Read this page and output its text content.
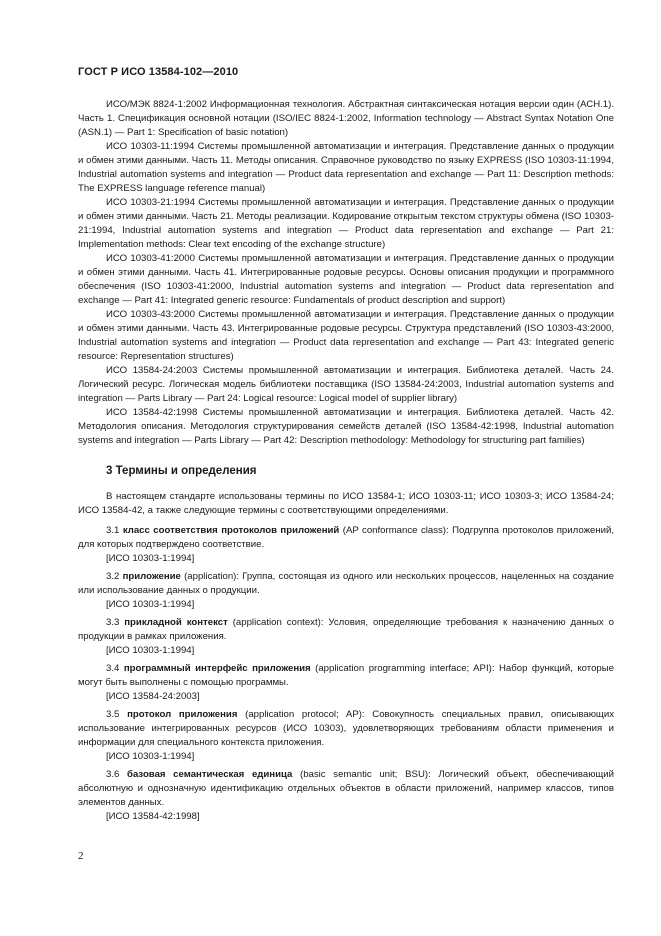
ГОСТ Р ИСО 13584-102—2010

ИСО/МЭК 8824-1:2002 Информационная технология. Абстрактная синтаксическая нотация версии один (АСН.1). Часть 1. Спецификация основной нотации (ISO/IEC 8824-1:2002, Information technology — Abstract Syntax Notation One (ASN.1) — Part 1: Specification of basic notation)

ИСО 10303-11:1994 Системы промышленной автоматизации и интеграция. Представление данных о продукции и обмен этими данными. Часть 11. Методы описания. Справочное руководство по языку EXPRESS (ISO 10303-11:1994, Industrial automation systems and integration — Product data representation and exchange — Part 11: Description methods: The EXPRESS language reference manual)

ИСО 10303-21:1994 Системы промышленной автоматизации и интеграция. Представление данных о продукции и обмен этими данными. Часть 21. Методы реализации. Кодирование открытым текстом структуры обмена (ISO 10303-21:1994, Industrial automation systems and integration — Product data representation and exchange — Part 21: Implementation methods: Clear text encoding of the exchange structure)

ИСО 10303-41:2000 Системы промышленной автоматизации и интеграция. Представление данных о продукции и обмен этими данными. Часть 41. Интегрированные родовые ресурсы. Основы описания продукции и программного обеспечения (ISO 10303-41:2000, Industrial automation systems and integration — Product data representation and exchange — Part 41: Integrated generic resource: Fundamentals of product description and support)

ИСО 10303-43:2000 Системы промышленной автоматизации и интеграция. Представление данных о продукции и обмен этими данными. Часть 43. Интегрированные родовые ресурсы. Структура представлений (ISO 10303-43:2000, Industrial automation systems and integration — Product data representation and exchange — Part 43: Integrated generic resource: Representation structures)

ИСО 13584-24:2003 Системы промышленной автоматизации и интеграция. Библиотека деталей. Часть 24. Логический ресурс. Логическая модель библиотеки поставщика (ISO 13584-24:2003, Industrial automation systems and integration — Parts Library — Part 24: Logical resource: Logical model of supplier library)

ИСО 13584-42:1998 Системы промышленной автоматизации и интеграция. Библиотека деталей. Часть 42. Методология описания. Методология структурирования семейств деталей (ISO 13584-42:1998, Industrial automation systems and integration — Parts Library — Part 42: Description methodology: Methodology for structuring part families)

3 Термины и определения

В настоящем стандарте использованы термины по ИСО 13584-1; ИСО 10303-11; ИСО 10303-3; ИСО 13584-24; ИСО 13584-42, а также следующие термины с соответствующими определениями.

3.1 класс соответствия протоколов приложений (AP conformance class): Подгруппа протоколов приложений, для которых подтверждено соответствие.

[ИСО 10303-1:1994]

3.2 приложение (application): Группа, состоящая из одного или нескольких процессов, нацеленных на создание или использование данных о продукции.

[ИСО 10303-1:1994]

3.3 прикладной контекст (application context): Условия, определяющие требования к назначению данных о продукции в рамках приложения.

[ИСО 10303-1:1994]

3.4 программный интерфейс приложения (application programming interface; API): Набор функций, которые могут быть выполнены с помощью программы.

[ИСО 13584-24:2003]

3.5 протокол приложения (application protocol; AP): Совокупность специальных правил, описывающих использование интегрированных ресурсов (ИСО 10303), удовлетворяющих требованиям области применения и информации для специального контекста приложения.

[ИСО 10303-1:1994]

3.6 базовая семантическая единица (basic semantic unit; BSU): Логический объект, обеспечивающий абсолютную и однозначную идентификацию отдельных объектов в области приложений, например классов, типов элементов данных.

[ИСО 13584-42:1998]

2
